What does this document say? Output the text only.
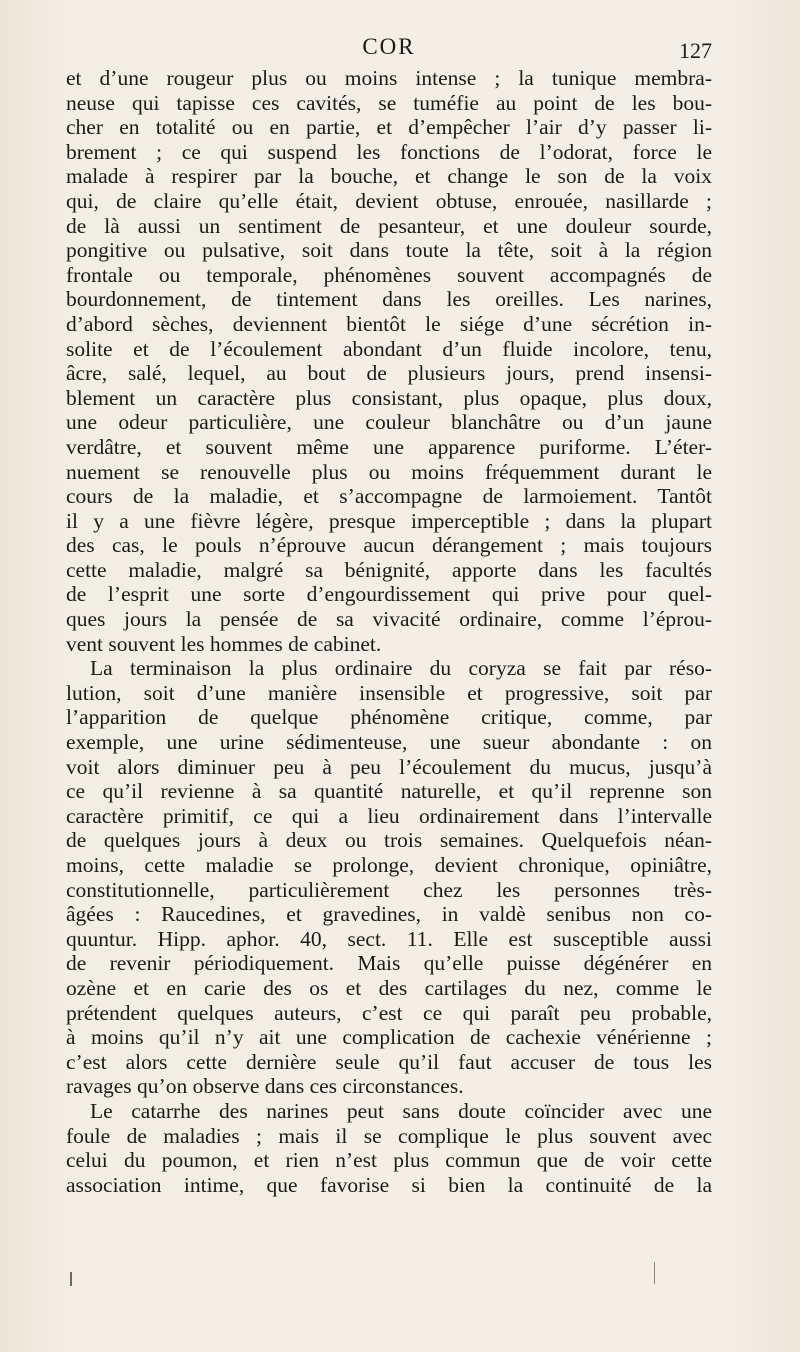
COR	127
et d’une rougeur plus ou moins intense ; la tunique membra-
neuse qui tapisse ces cavités, se tuméfie au point de les bou-
cher en totalité ou en partie, et d’empêcher l’air d’y passer li-
brement ; ce qui suspend les fonctions de l’odorat, force le
malade à respirer par la bouche, et change le son de la voix
qui, de claire qu’elle était, devient obtuse, enrouée, nasillarde ;
de là aussi un sentiment de pesanteur, et une douleur sourde,
pongitive ou pulsative, soit dans toute la tête, soit à la région
frontale ou temporale, phénomènes souvent accompagnés de
bourdonnement, de tintement dans les oreilles. Les narines,
d’abord sèches, deviennent bientôt le siége d’une sécrétion in-
solite et de l’écoulement abondant d’un fluide incolore, tenu,
âcre, salé, lequel, au bout de plusieurs jours, prend insensi-
blement un caractère plus consistant, plus opaque, plus doux,
une odeur particulière, une couleur blanchâtre ou d’un jaune
verdâtre, et souvent même une apparence puriforme. L’éter-
nuement se renouvelle plus ou moins fréquemment durant le
cours de la maladie, et s’accompagne de larmoiement. Tantôt
il y a une fièvre légère, presque imperceptible ; dans la plupart
des cas, le pouls n’éprouve aucun dérangement ; mais toujours
cette maladie, malgré sa bénignité, apporte dans les facultés
de l’esprit une sorte d’engourdissement qui prive pour quel-
ques jours la pensée de sa vivacité ordinaire, comme l’éprou-
vent souvent les hommes de cabinet.
La terminaison la plus ordinaire du coryza se fait par réso-
lution, soit d’une manière insensible et progressive, soit par
l’apparition de quelque phénomène critique, comme, par
exemple, une urine sédimenteuse, une sueur abondante : on
voit alors diminuer peu à peu l’écoulement du mucus, jusqu’à
ce qu’il revienne à sa quantité naturelle, et qu’il reprenne son
caractère primitif, ce qui a lieu ordinairement dans l’intervalle
de quelques jours à deux ou trois semaines. Quelquefois néan-
moins, cette maladie se prolonge, devient chronique, opiniâtre,
constitutionnelle, particulièrement chez les personnes très-
âgées : Raucedines, et gravedines, in valdè senibus non co-
quuntur. Hipp. aphor. 40, sect. 11. Elle est susceptible aussi
de revenir périodiquement. Mais qu’elle puisse dégénérer en
ozène et en carie des os et des cartilages du nez, comme le
prétendent quelques auteurs, c’est ce qui paraît peu probable,
à moins qu’il n’y ait une complication de cachexie vénérienne ;
c’est alors cette dernière seule qu’il faut accuser de tous les
ravages qu’on observe dans ces circonstances.
Le catarrhe des narines peut sans doute coïncider avec une
foule de maladies ; mais il se complique le plus souvent avec
celui du poumon, et rien n’est plus commun que de voir cette
association intime, que favorise si bien la continuité de la
